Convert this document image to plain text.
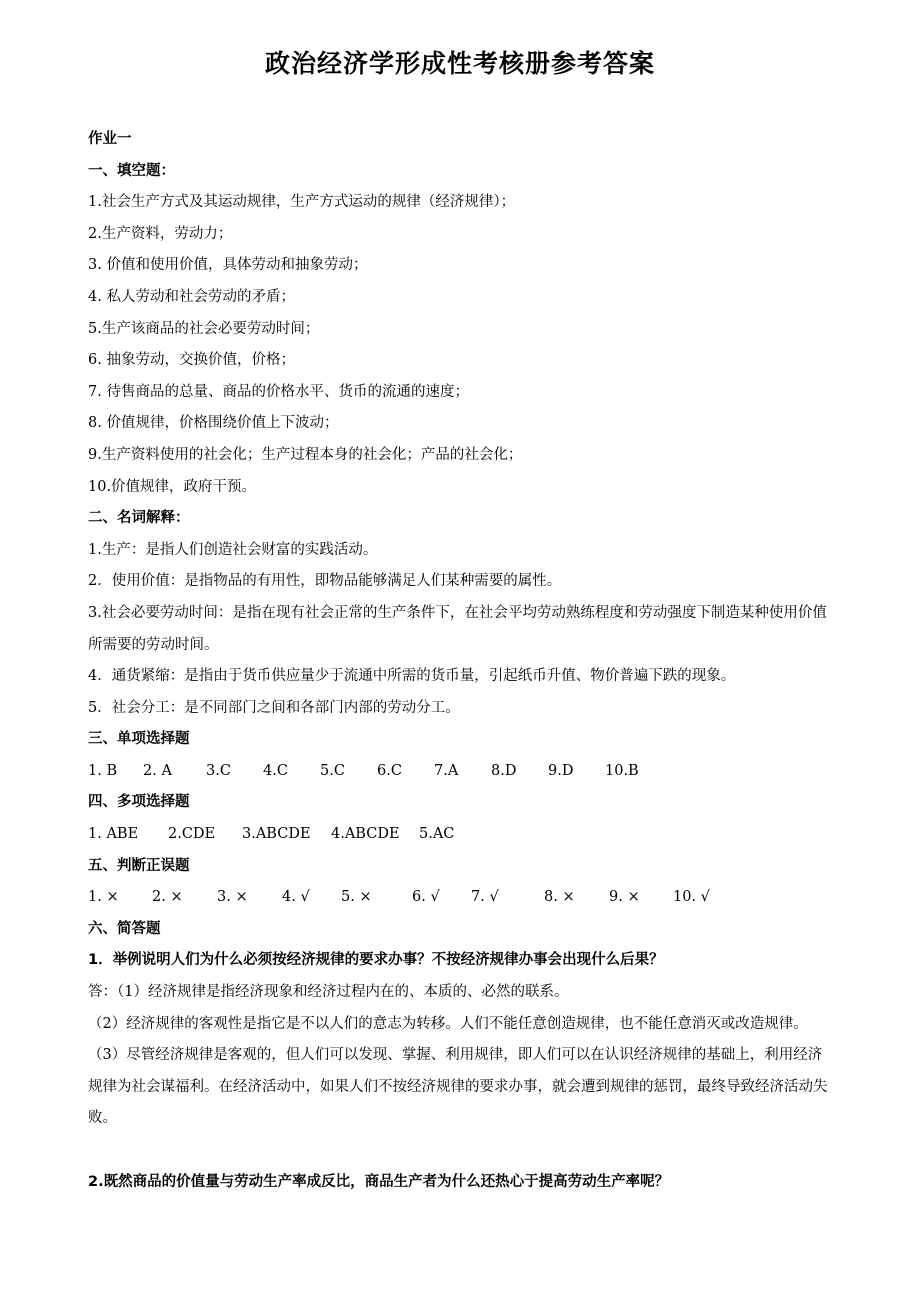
政治经济学形成性考核册参考答案
作业一
一、填空题：
1.社会生产方式及其运动规律，生产方式运动的规律（经济规律）；
2.生产资料，劳动力；
3. 价值和使用价值，具体劳动和抽象劳动；
4. 私人劳动和社会劳动的矛盾；
5.生产该商品的社会必要劳动时间；
6. 抽象劳动，交换价值，价格；
7. 待售商品的总量、商品的价格水平、货币的流通的速度；
8. 价值规律，价格围绕价值上下波动；
9.生产资料使用的社会化；生产过程本身的社会化；产品的社会化；
10.价值规律，政府干预。
二、名词解释：
1.生产：是指人们创造社会财富的实践活动。
2．使用价值：是指物品的有用性，即物品能够满足人们某种需要的属性。

3.社会必要劳动时间：是指在现有社会正常的生产条件下，在社会平均劳动熟练程度和劳动强度下制造某种使用价值所需要的劳动时间。

4．通货紧缩：是指由于货币供应量少于流通中所需的货币量，引起纸币升值、物价普遍下跌的现象。
5．社会分工：是不同部门之间和各部门内部的劳动分工。
三、单项选择题
1. B 2. A 3.C 4.C 5.C 6.C 7.A 8.D 9.D 10.B
四、多项选择题
1. ABE 2.CDE 3.ABCDE 4.ABCDE 5.AC
五、判断正误题
1. × 2. × 3. × 4. √ 5. ×	6. √ 7. √	8. × 9. × 10. √
六、简答题
1．举例说明人们为什么必须按经济规律的要求办事？不按经济规律办事会出现什么后果？
答：（1）经济规律是指经济现象和经济过程内在的、本质的、必然的联系。

（2）经济规律的客观性是指它是不以人们的意志为转移。人们不能任意创造规律，也不能任意消灭或改造规律。

（3）尽管经济规律是客观的，但人们可以发现、掌握、利用规律，即人们可以在认识经济规律的基础上，利用经济规律为社会谋福利。在经济活动中，如果人们不按经济规律的要求办事，就会遭到规律的惩罚，最终导致经济活动失败。

2.既然商品的价值量与劳动生产率成反比，商品生产者为什么还热心于提高劳动生产率呢？
